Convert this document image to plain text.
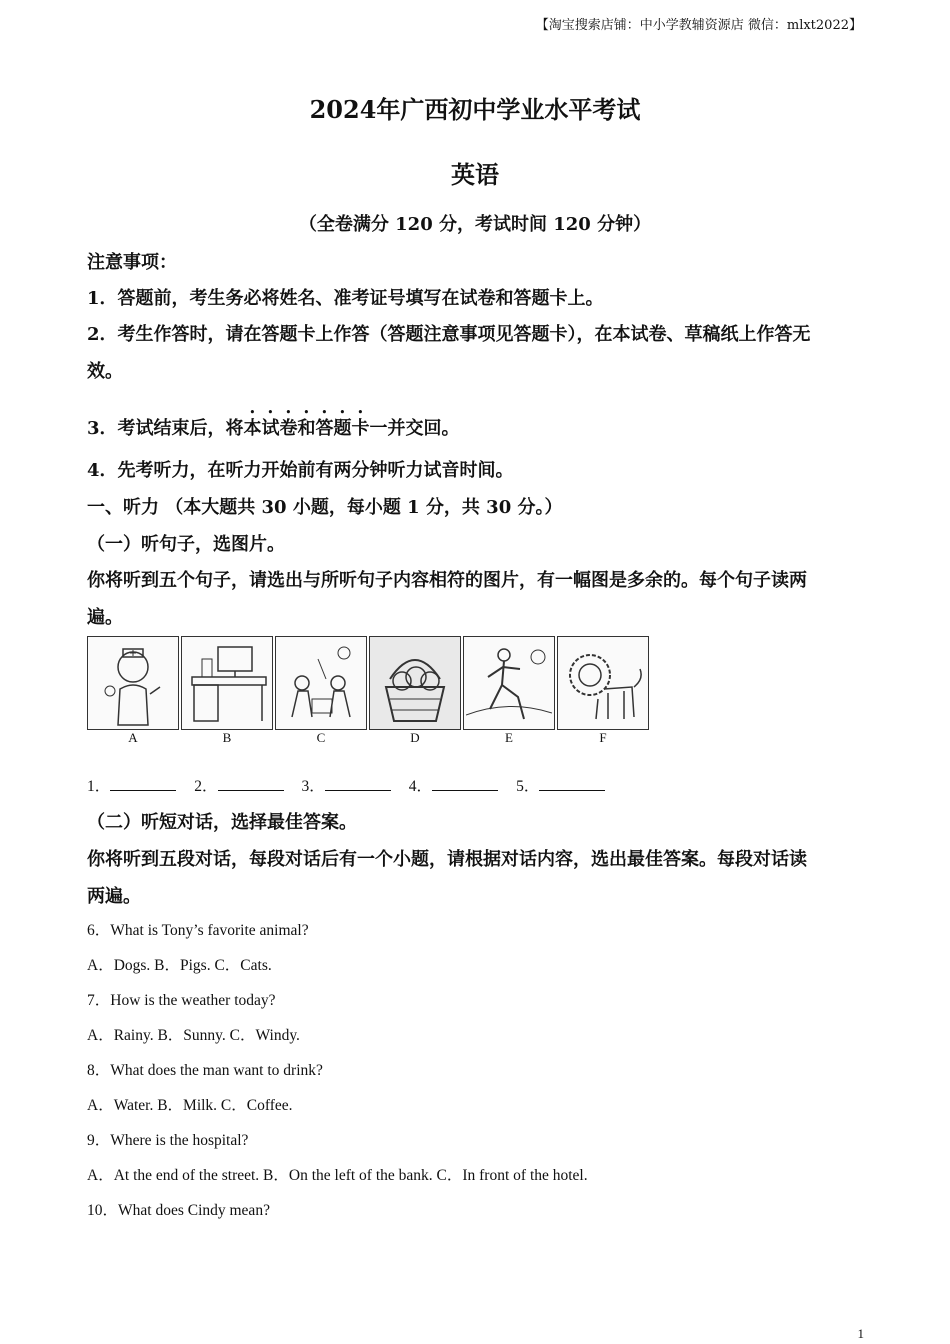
【淘宝搜索店铺：中小学教辅资源店 微信：mlxt2022】
2024年广西初中学业水平考试
英语
（全卷满分 120 分，考试时间 120 分钟）
注意事项：
1．答题前，考生务必将姓名、准考证号填写在试卷和答题卡上。
2．考生作答时，请在答题卡上作答（答题注意事项见答题卡），在本试卷、草稿纸上作答无
效。
3．考试结束后，将本试卷和答题卡一并交回。
4．先考听力，在听力开始前有两分钟听力试音时间。
一、听力 （本大题共 30 小题，每小题 1 分，共 30 分。）
（一）听句子，选图片。
你将听到五个句子，请选出与所听句子内容相符的图片，有一幅图是多余的。每个句子读两
遍。
A	B	C	D	E	F
1．	2．	3．	4．	5．
（二）听短对话，选择最佳答案。
你将听到五段对话，每段对话后有一个小题，请根据对话内容，选出最佳答案。每段对话读
两遍。
6．What is Tony’s favorite animal?
A．Dogs. B．Pigs. C．Cats.
7．How is the weather today?
A．Rainy. B．Sunny. C．Windy.
8．What does the man want to drink?
A．Water. B．Milk. C．Coffee.
9．Where is the hospital?
A．At the end of the street. B．On the left of the bank. C．In front of the hotel.
10．What does Cindy mean?
1
